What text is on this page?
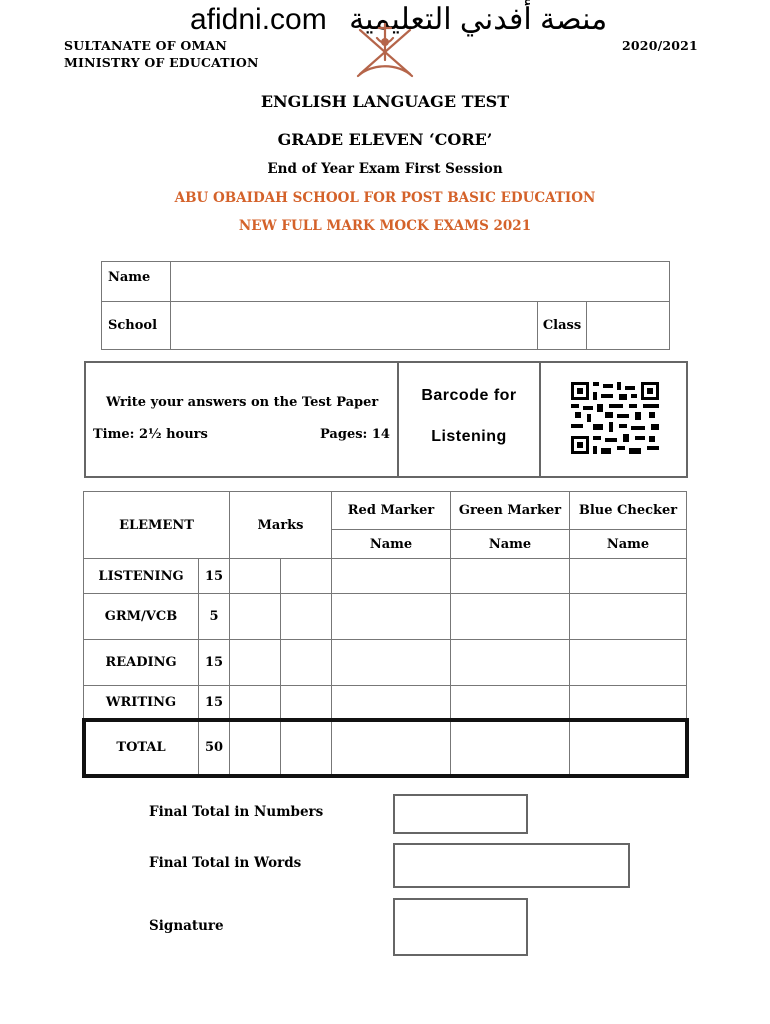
afidni.com منصة أفدني التعليمية
SULTANATE OF OMAN
MINISTRY OF EDUCATION
2020/2021
ENGLISH LANGUAGE TEST
GRADE ELEVEN ‘CORE’
End of Year Exam First Session
ABU OBAIDAH SCHOOL FOR POST BASIC EDUCATION
NEW FULL MARK MOCK EXAMS 2021
Name			
School		Class	
Write your answers on the Test Paper
Time: 2½ hours	Pages: 14
Barcode for
Listening
ELEMENT		Marks		Red Marker	Green Marker	Blue Checker
				Name	Name	Name
LISTENING	15					
GRM/VCB	5					
READING	15					
WRITING	15					
TOTAL	50					
Final Total in Numbers
Final Total in Words
Signature
